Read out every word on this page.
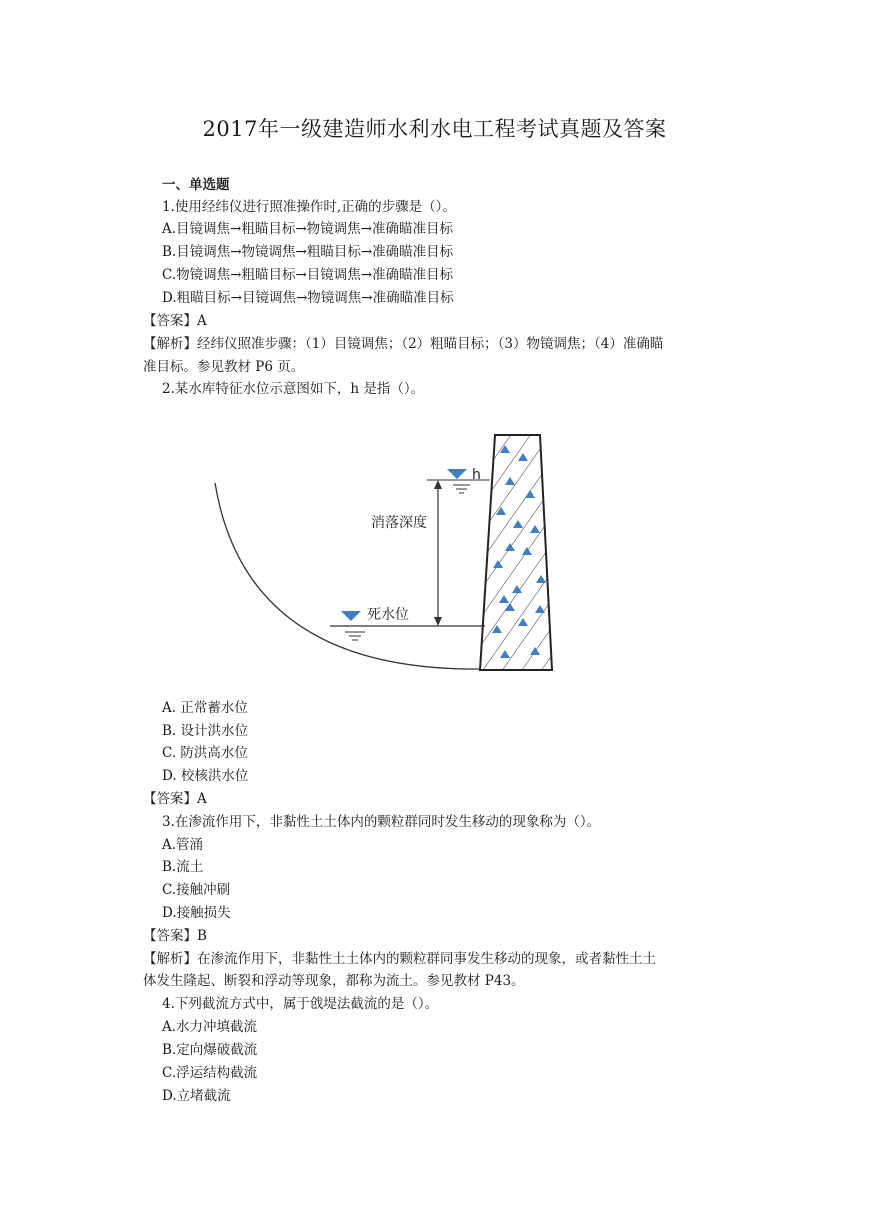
2017年一级建造师水利水电工程考试真题及答案
一、单选题
1.使用经纬仪进行照准操作时,正确的步骤是（）。
A.目镜调焦→粗瞄目标→物镜调焦→准确瞄准目标
B.目镜调焦→物镜调焦→粗瞄目标→准确瞄准目标
C.物镜调焦→粗瞄目标→目镜调焦→准确瞄准目标
D.粗瞄目标→目镜调焦→物镜调焦→准确瞄准目标
【答案】A
【解析】经纬仪照准步骤：（1）目镜调焦；（2）粗瞄目标；（3）物镜调焦；（4）准确瞄
准目标。参见教材 P6 页。
2.某水库特征水位示意图如下，h 是指（）。
h
死水位
消落深度
A. 正常蓄水位
B. 设计洪水位
C. 防洪高水位
D. 校核洪水位
【答案】A
3.在渗流作用下，非黏性土土体内的颗粒群同时发生移动的现象称为（）。
A.管涌
B.流土
C.接触冲刷
D.接触损失
【答案】B
【解析】在渗流作用下，非黏性土土体内的颗粒群同事发生移动的现象，或者黏性土土
体发生隆起、断裂和浮动等现象，都称为流土。参见教材 P43。
4.下列截流方式中，属于戗堤法截流的是（）。
A.水力冲填截流
B.定向爆破截流
C.浮运结构截流
D.立堵截流
